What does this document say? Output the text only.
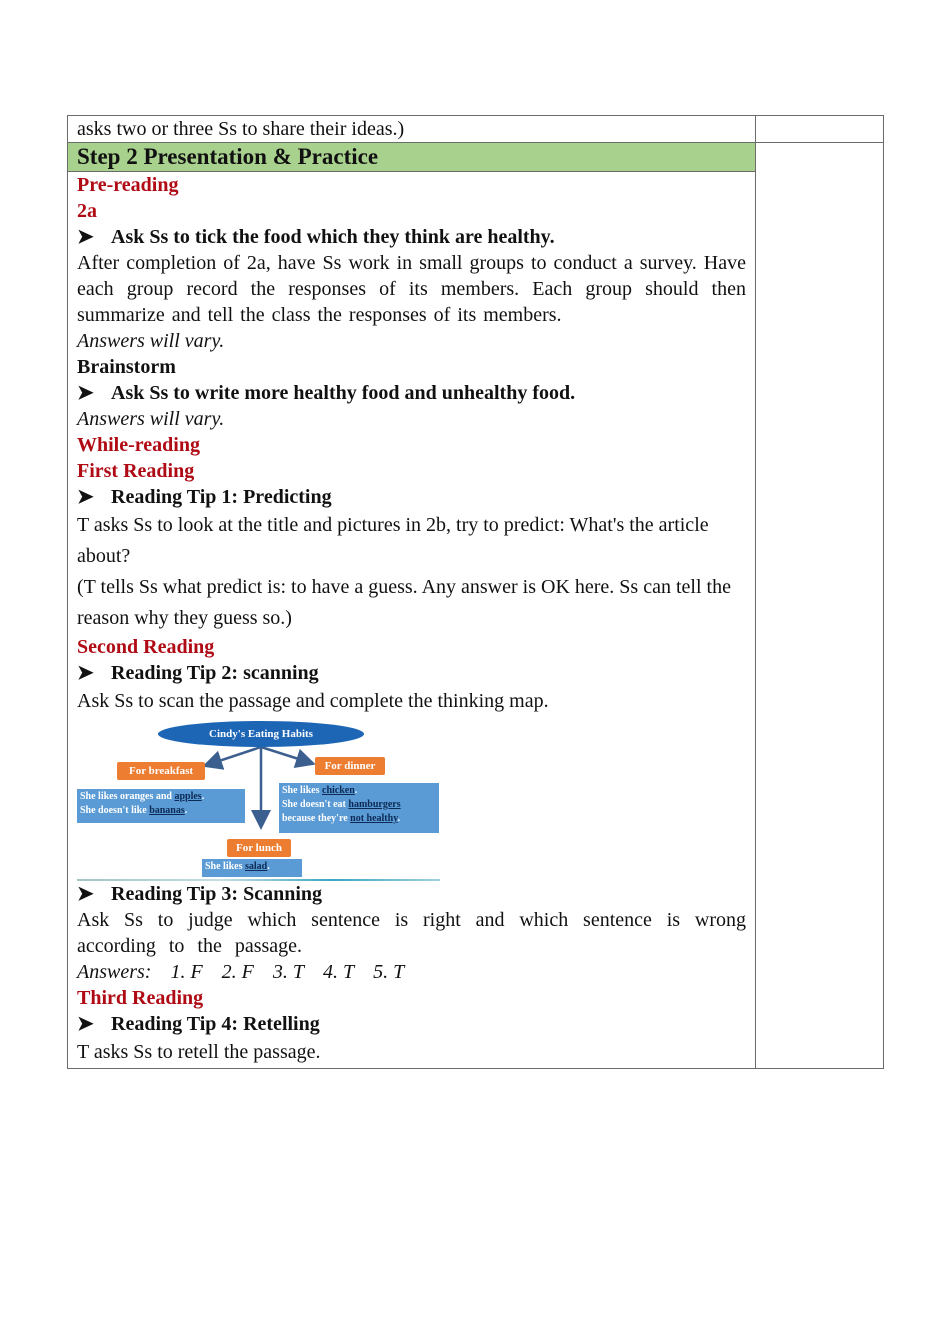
asks two or three Ss to share their ideas.)	

Step 2 Presentation & Practice
Pre-reading
2a
➤ Ask Ss to tick the food which they think are healthy.
After completion of 2a, have Ss work in small groups to conduct a survey. Have each group record the responses of its members. Each group should then summarize and tell the class the responses of its members.
Answers will vary.
Brainstorm
➤ Ask Ss to write more healthy food and unhealthy food.
Answers will vary.
While-reading
First Reading
➤ Reading Tip 1: Predicting
T asks Ss to look at the title and pictures in 2b, try to predict: What's the article about?
(T tells Ss what predict is: to have a guess. Any answer is OK here. Ss can tell the reason why they guess so.)
Second Reading
➤ Reading Tip 2: scanning
Ask Ss to scan the passage and complete the thinking map.
Cindy's Eating Habits
For breakfast
She likes oranges and apples.
She doesn't like bananas.
For dinner
She likes chicken.
She doesn't eat hamburgers
because they're not healthy.
For lunch
She likes salad.
➤ Reading Tip 3: Scanning
Ask Ss to judge which sentence is right and which sentence is wrong according to the passage.
Answers: 1. F 2. F 3. T 4. T 5. T
Third Reading
➤ Reading Tip 4: Retelling
T asks Ss to retell the passage.
